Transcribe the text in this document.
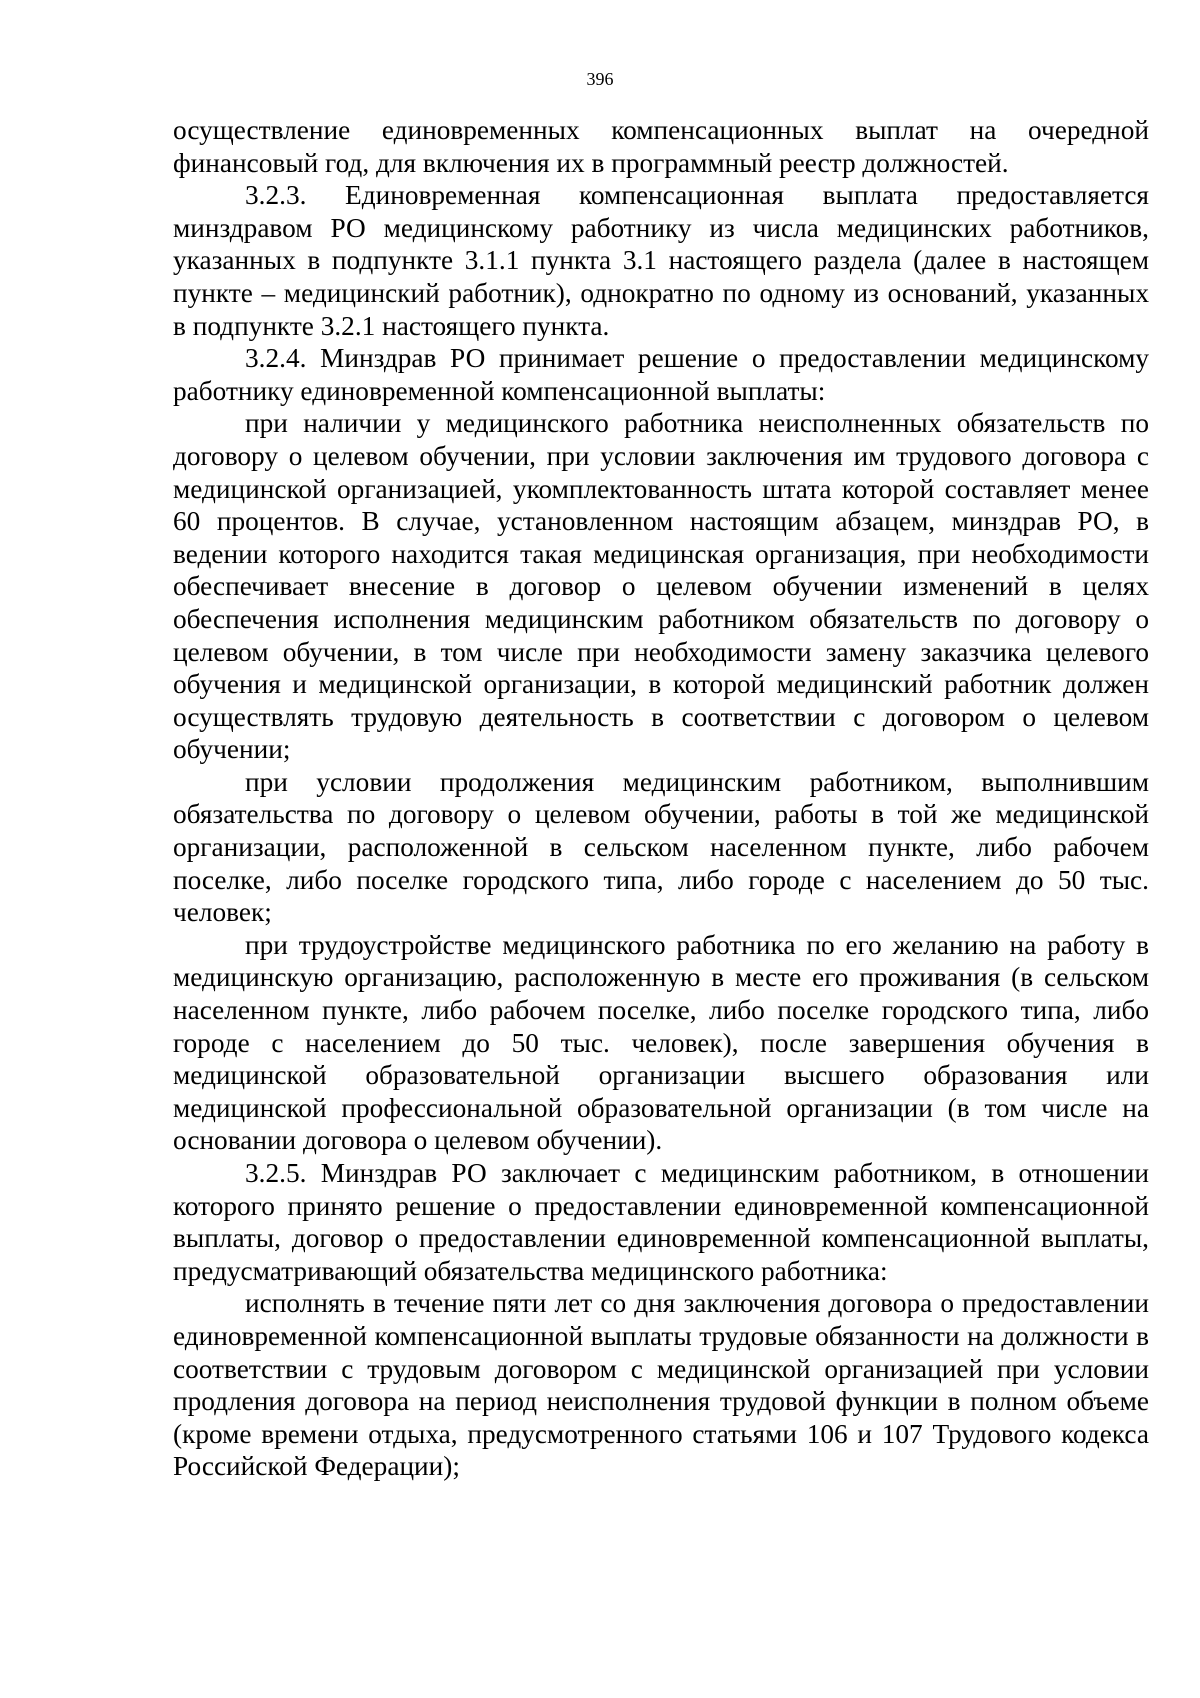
396

осуществление единовременных компенсационных выплат на очередной финансовый год, для включения их в программный реестр должностей.

3.2.3. Единовременная компенсационная выплата предоставляется минздравом РО медицинскому работнику из числа медицинских работников, указанных в подпункте 3.1.1 пункта 3.1 настоящего раздела (далее в настоящем пункте – медицинский работник), однократно по одному из оснований, указанных в подпункте 3.2.1 настоящего пункта.

3.2.4. Минздрав РО принимает решение о предоставлении медицинскому работнику единовременной компенсационной выплаты:

при наличии у медицинского работника неисполненных обязательств по договору о целевом обучении, при условии заключения им трудового договора с медицинской организацией, укомплектованность штата которой составляет менее 60 процентов. В случае, установленном настоящим абзацем, минздрав РО, в ведении которого находится такая медицинская организация, при необходимости обеспечивает внесение в договор о целевом обучении изменений в целях обеспечения исполнения медицинским работником обязательств по договору о целевом обучении, в том числе при необходимости замену заказчика целевого обучения и медицинской организации, в которой медицинский работник должен осуществлять трудовую деятельность в соответствии с договором о целевом обучении;

при условии продолжения медицинским работником, выполнившим обязательства по договору о целевом обучении, работы в той же медицинской организации, расположенной в сельском населенном пункте, либо рабочем поселке, либо поселке городского типа, либо городе с населением до 50 тыс. человек;

при трудоустройстве медицинского работника по его желанию на работу в медицинскую организацию, расположенную в месте его проживания (в сельском населенном пункте, либо рабочем поселке, либо поселке городского типа, либо городе с населением до 50 тыс. человек), после завершения обучения в медицинской образовательной организации высшего образования или медицинской профессиональной образовательной организации (в том числе на основании договора о целевом обучении).

3.2.5. Минздрав РО заключает с медицинским работником, в отношении которого принято решение о предоставлении единовременной компенсационной выплаты, договор о предоставлении единовременной компенсационной выплаты, предусматривающий обязательства медицинского работника:

исполнять в течение пяти лет со дня заключения договора о предоставлении единовременной компенсационной выплаты трудовые обязанности на должности в соответствии с трудовым договором с медицинской организацией при условии продления договора на период неисполнения трудовой функции в полном объеме (кроме времени отдыха, предусмотренного статьями 106 и 107 Трудового кодекса Российской Федерации);
